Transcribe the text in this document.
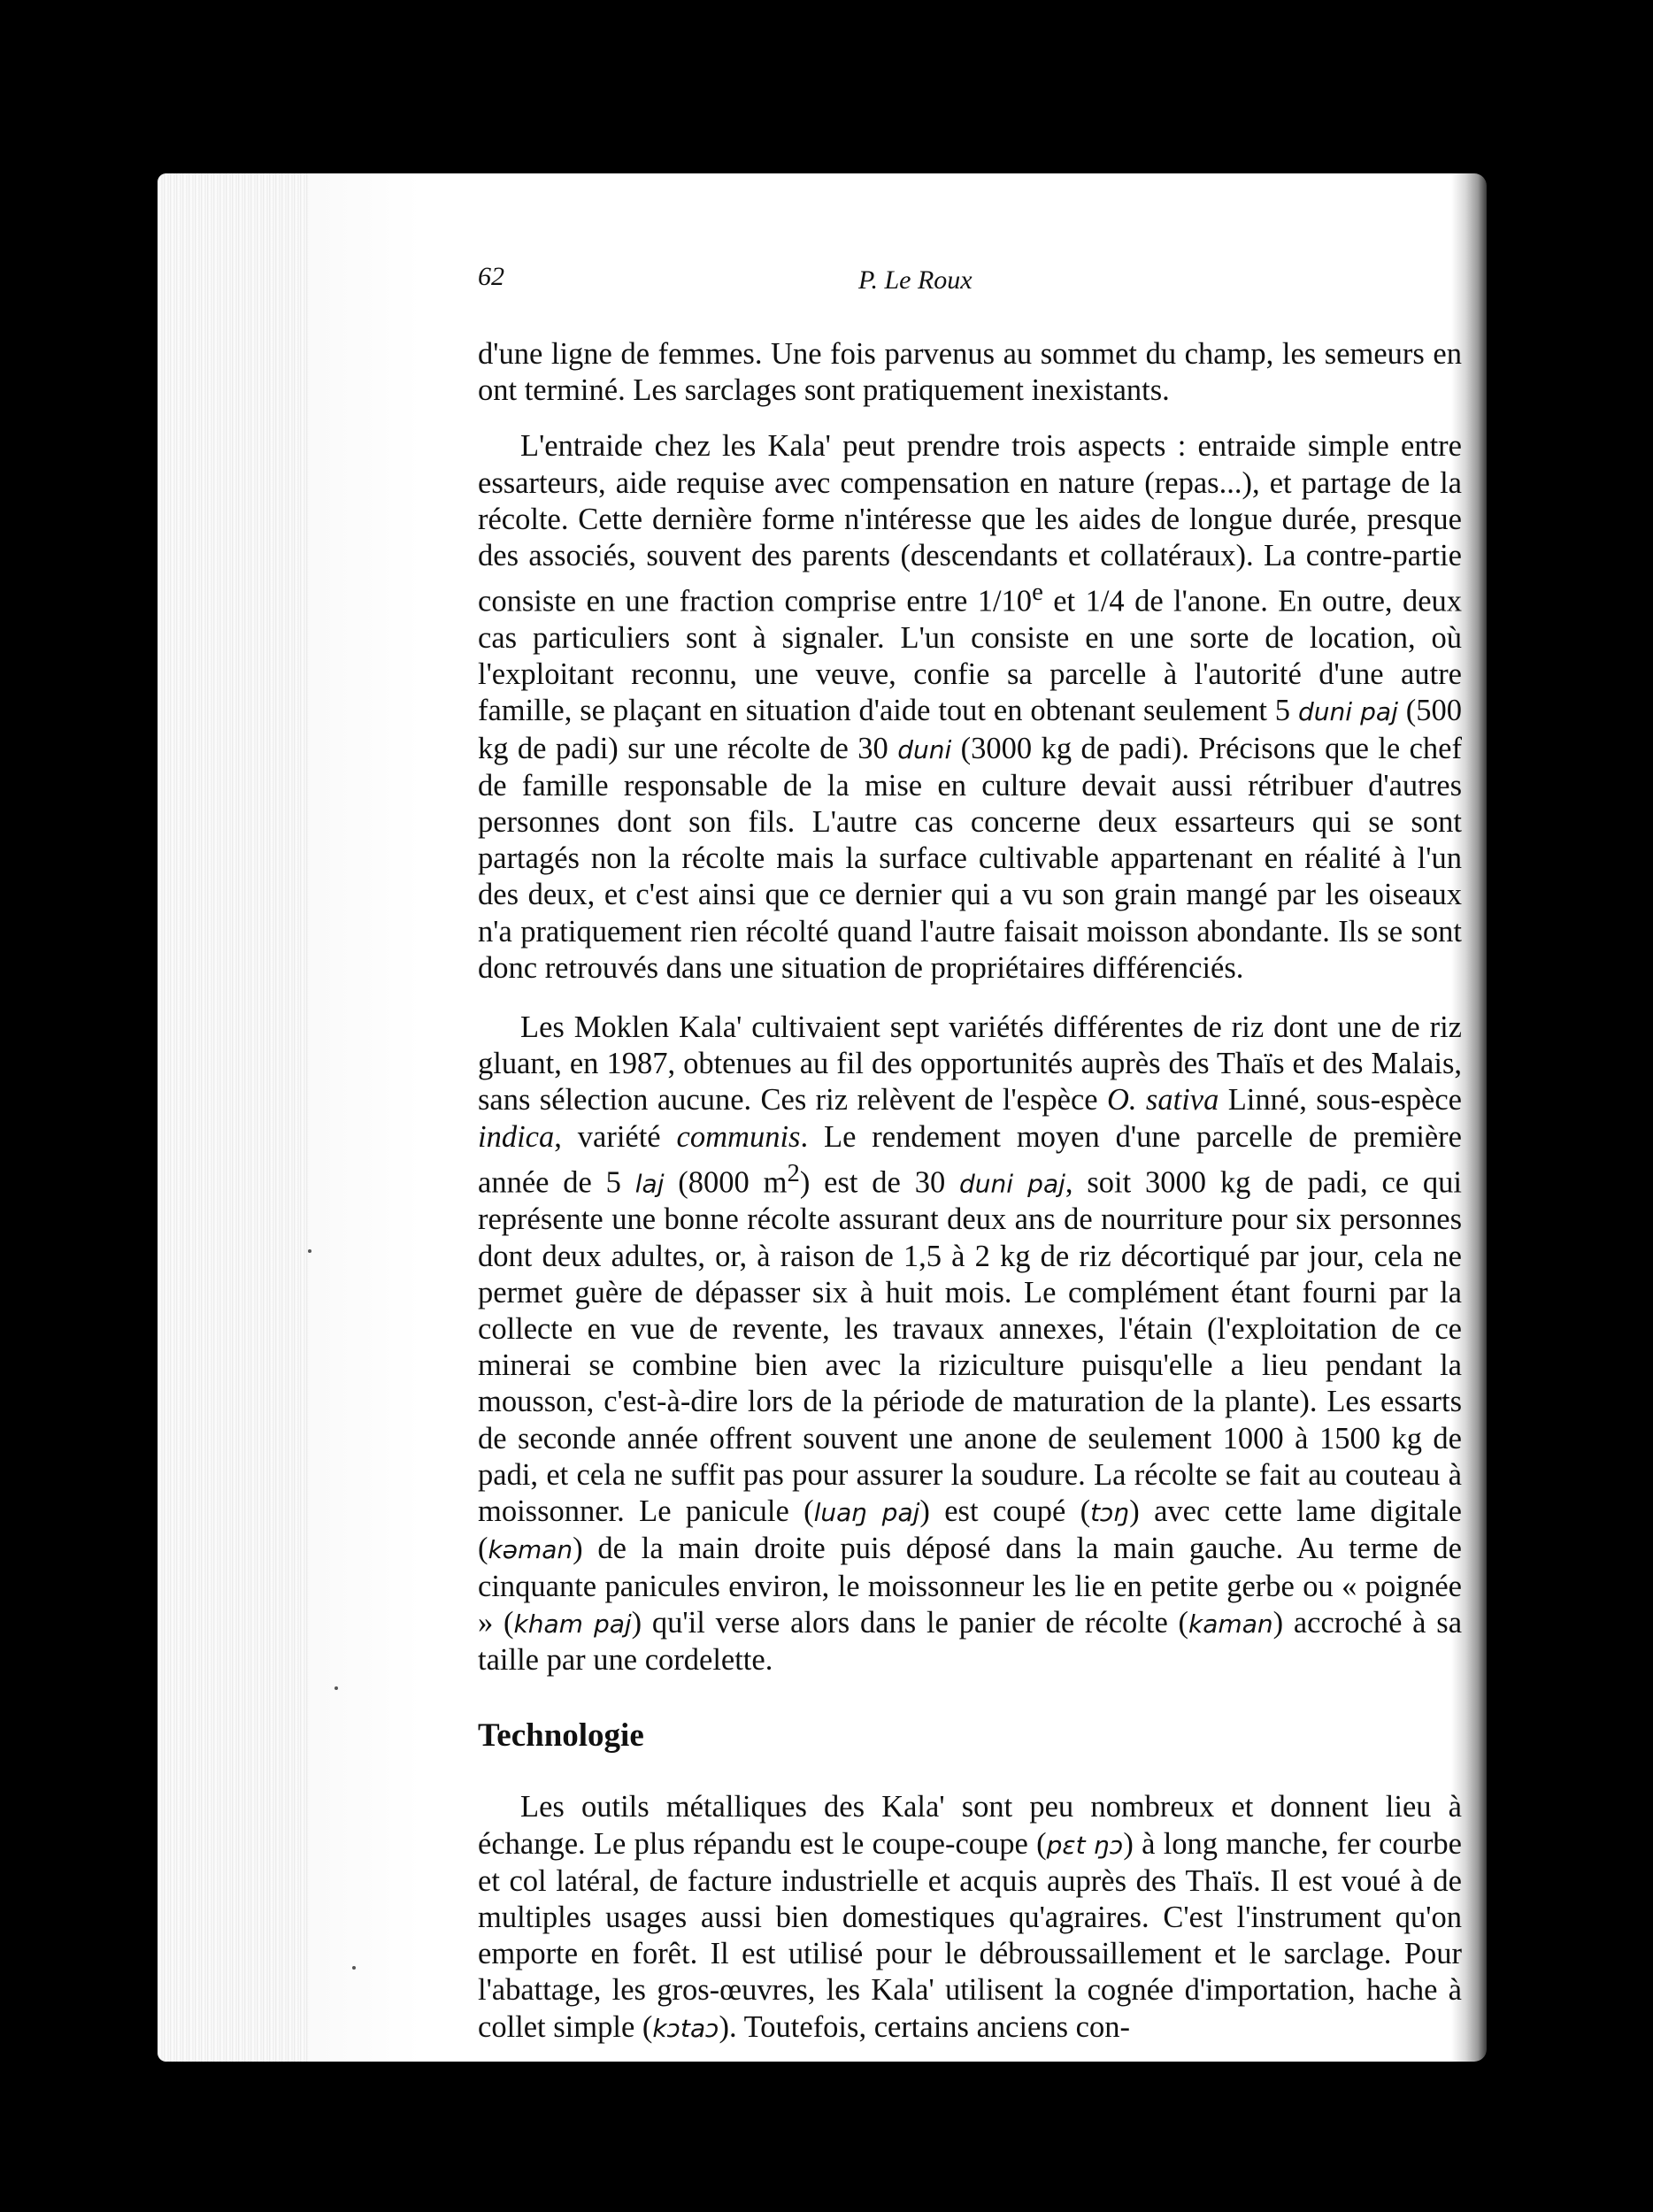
62	P. Le Roux

d'une ligne de femmes. Une fois parvenus au sommet du champ, les semeurs en ont terminé. Les sarclages sont pratiquement inexistants.

L'entraide chez les Kala' peut prendre trois aspects : entraide simple entre essarteurs, aide requise avec compensation en nature (repas...), et partage de la récolte. Cette dernière forme n'intéresse que les aides de longue durée, presque des associés, souvent des parents (descendants et collatéraux). La contre-partie consiste en une fraction comprise entre 1/10e et 1/4 de l'anone. En outre, deux cas particuliers sont à signaler. L'un consiste en une sorte de location, où l'exploitant reconnu, une veuve, confie sa parcelle à l'autorité d'une autre famille, se plaçant en situation d'aide tout en obtenant seulement 5 duni paj (500 kg de padi) sur une récolte de 30 duni (3000 kg de padi). Précisons que le chef de famille responsable de la mise en culture devait aussi rétribuer d'autres personnes dont son fils. L'autre cas concerne deux essarteurs qui se sont partagés non la récolte mais la surface cultivable appartenant en réalité à l'un des deux, et c'est ainsi que ce dernier qui a vu son grain mangé par les oiseaux n'a pratiquement rien récolté quand l'autre faisait moisson abondante. Ils se sont donc retrouvés dans une situation de propriétaires différenciés.

Les Moklen Kala' cultivaient sept variétés différentes de riz dont une de riz gluant, en 1987, obtenues au fil des opportunités auprès des Thaïs et des Malais, sans sélection aucune. Ces riz relèvent de l'espèce O. sativa Linné, sous-espèce indica, variété communis. Le rendement moyen d'une parcelle de première année de 5 laj (8000 $m^2$) est de 30 duni paj, soit 3000 kg de padi, ce qui représente une bonne récolte assurant deux ans de nourriture pour six personnes dont deux adultes, or, à raison de 1,5 à 2 kg de riz décortiqué par jour, cela ne permet guère de dépasser six à huit mois. Le complément étant fourni par la collecte en vue de revente, les travaux annexes, l'étain (l'exploitation de ce minerai se combine bien avec la riziculture puisqu'elle a lieu pendant la mousson, c'est-à-dire lors de la période de maturation de la plante). Les essarts de seconde année offrent souvent une anone de seulement 1000 à 1500 kg de padi, et cela ne suffit pas pour assurer la soudure. La récolte se fait au couteau à moissonner. Le panicule (luaŋ paj) est coupé (tɔŋ) avec cette lame digitale (kəman) de la main droite puis déposé dans la main gauche. Au terme de cinquante panicules environ, le moissonneur les lie en petite gerbe ou « poignée » (kham paj) qu'il verse alors dans le panier de récolte (kaman) accroché à sa taille par une cordelette.

Technologie

Les outils métalliques des Kala' sont peu nombreux et donnent lieu à échange. Le plus répandu est le coupe-coupe (pɛt ŋɔ) à long manche, fer courbe et col latéral, de facture industrielle et acquis auprès des Thaïs. Il est voué à de multiples usages aussi bien domestiques qu'agraires. C'est l'instrument qu'on emporte en forêt. Il est utilisé pour le débroussaillement et le sarclage. Pour l'abattage, les gros-œuvres, les Kala' utilisent la cognée d'importation, hache à collet simple (kɔtaɔ). Toutefois, certains anciens con-
